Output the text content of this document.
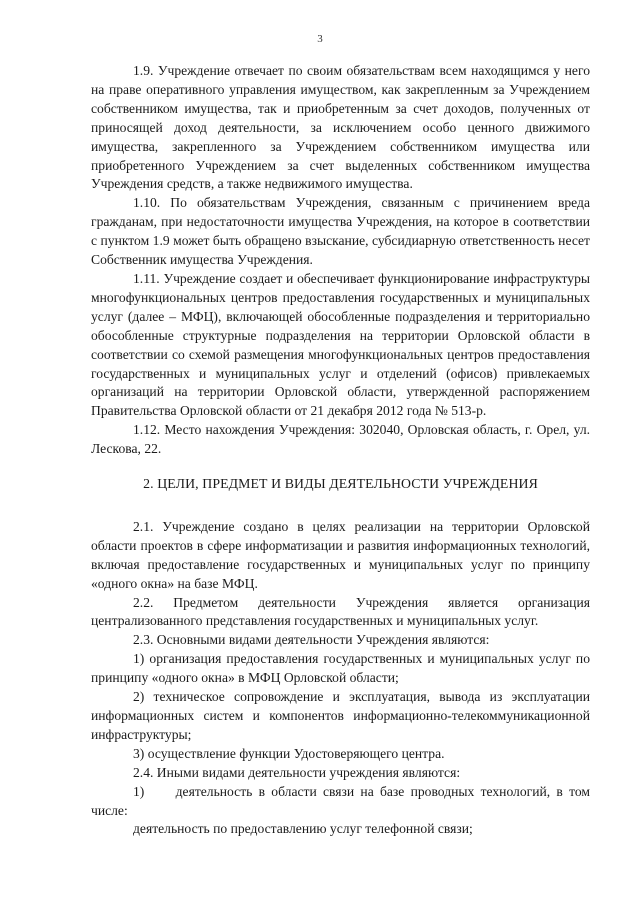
3

1.9. Учреждение отвечает по своим обязательствам всем находящимся у него на праве оперативного управления имуществом, как закрепленным за Учреждением собственником имущества, так и приобретенным за счет доходов, полученных от приносящей доход деятельности, за исключением особо ценного движимого имущества, закрепленного за Учреждением собственником имущества или приобретенного Учреждением за счет выделенных собственником имущества Учреждения средств, а также недвижимого имущества.

1.10. По обязательствам Учреждения, связанным с причинением вреда гражданам, при недостаточности имущества Учреждения, на которое в соответствии с пунктом 1.9 может быть обращено взыскание, субсидиарную ответственность несет Собственник имущества Учреждения.

1.11. Учреждение создает и обеспечивает функционирование инфраструктуры многофункциональных центров предоставления государственных и муниципальных услуг (далее – МФЦ), включающей обособленные подразделения и территориально обособленные структурные подразделения на территории Орловской области в соответствии со схемой размещения многофункциональных центров предоставления государственных и муниципальных услуг и отделений (офисов) привлекаемых организаций на территории Орловской области, утвержденной распоряжением Правительства Орловской области от 21 декабря 2012 года № 513-р.

1.12. Место нахождения Учреждения: 302040, Орловская область, г. Орел, ул. Лескова, 22.

2. ЦЕЛИ, ПРЕДМЕТ И ВИДЫ ДЕЯТЕЛЬНОСТИ УЧРЕЖДЕНИЯ

2.1. Учреждение создано в целях реализации на территории Орловской области проектов в сфере информатизации и развития информационных технологий, включая предоставление государственных и муниципальных услуг по принципу «одного окна» на базе МФЦ.

2.2. Предметом деятельности Учреждения является организация централизованного представления государственных и муниципальных услуг.

2.3. Основными видами деятельности Учреждения являются:

1) организация предоставления государственных и муниципальных услуг по принципу «одного окна» в МФЦ Орловской области;

2) техническое сопровождение и эксплуатация, вывода из эксплуатации информационных систем и компонентов информационно-телекоммуникационной инфраструктуры;

3) осуществление функции Удостоверяющего центра.

2.4. Иными видами деятельности учреждения являются:

1)     деятельность в области связи на базе проводных технологий, в том числе:

деятельность по предоставлению услуг телефонной связи;
